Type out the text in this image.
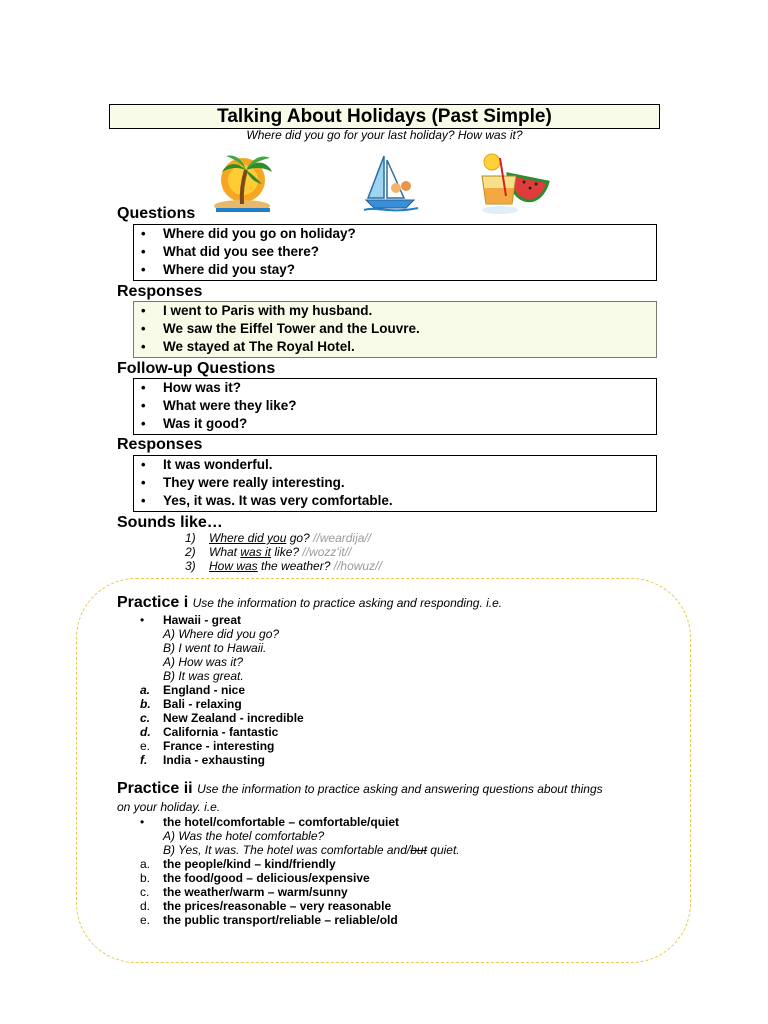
Talking About Holidays (Past Simple)
Where did you go for your last holiday? How was it?
Questions
• Where did you go on holiday?
• What did you see there?
• Where did you stay?
Responses
• I went to Paris with my husband.
• We saw the Eiffel Tower and the Louvre.
• We stayed at The Royal Hotel.
Follow-up Questions
• How was it?
• What were they like?
• Was it good?
Responses
• It was wonderful.
• They were really interesting.
• Yes, it was. It was very comfortable.
Sounds like…
1)	Where did you go? //weardija//
2)	What was it like? //wozz'it//
3)	How was the weather? //howuz//
Practice i Use the information to practice asking and responding. i.e.
•	Hawaii - great
A) Where did you go?
B) I went to Hawaii.
A) How was it?
B) It was great.
a.	England - nice
b.	Bali - relaxing
c.	New Zealand - incredible
d.	California - fantastic
e.	France - interesting
f.	India - exhausting
Practice ii Use the information to practice asking and answering questions about things
on your holiday. i.e.
•	the hotel/comfortable – comfortable/quiet
A) Was the hotel comfortable?
B) Yes, It was. The hotel was comfortable and/but quiet.
a.	the people/kind – kind/friendly
b.	the food/good – delicious/expensive
c.	the weather/warm – warm/sunny
d.	the prices/reasonable – very reasonable
e.	the public transport/reliable – reliable/old
